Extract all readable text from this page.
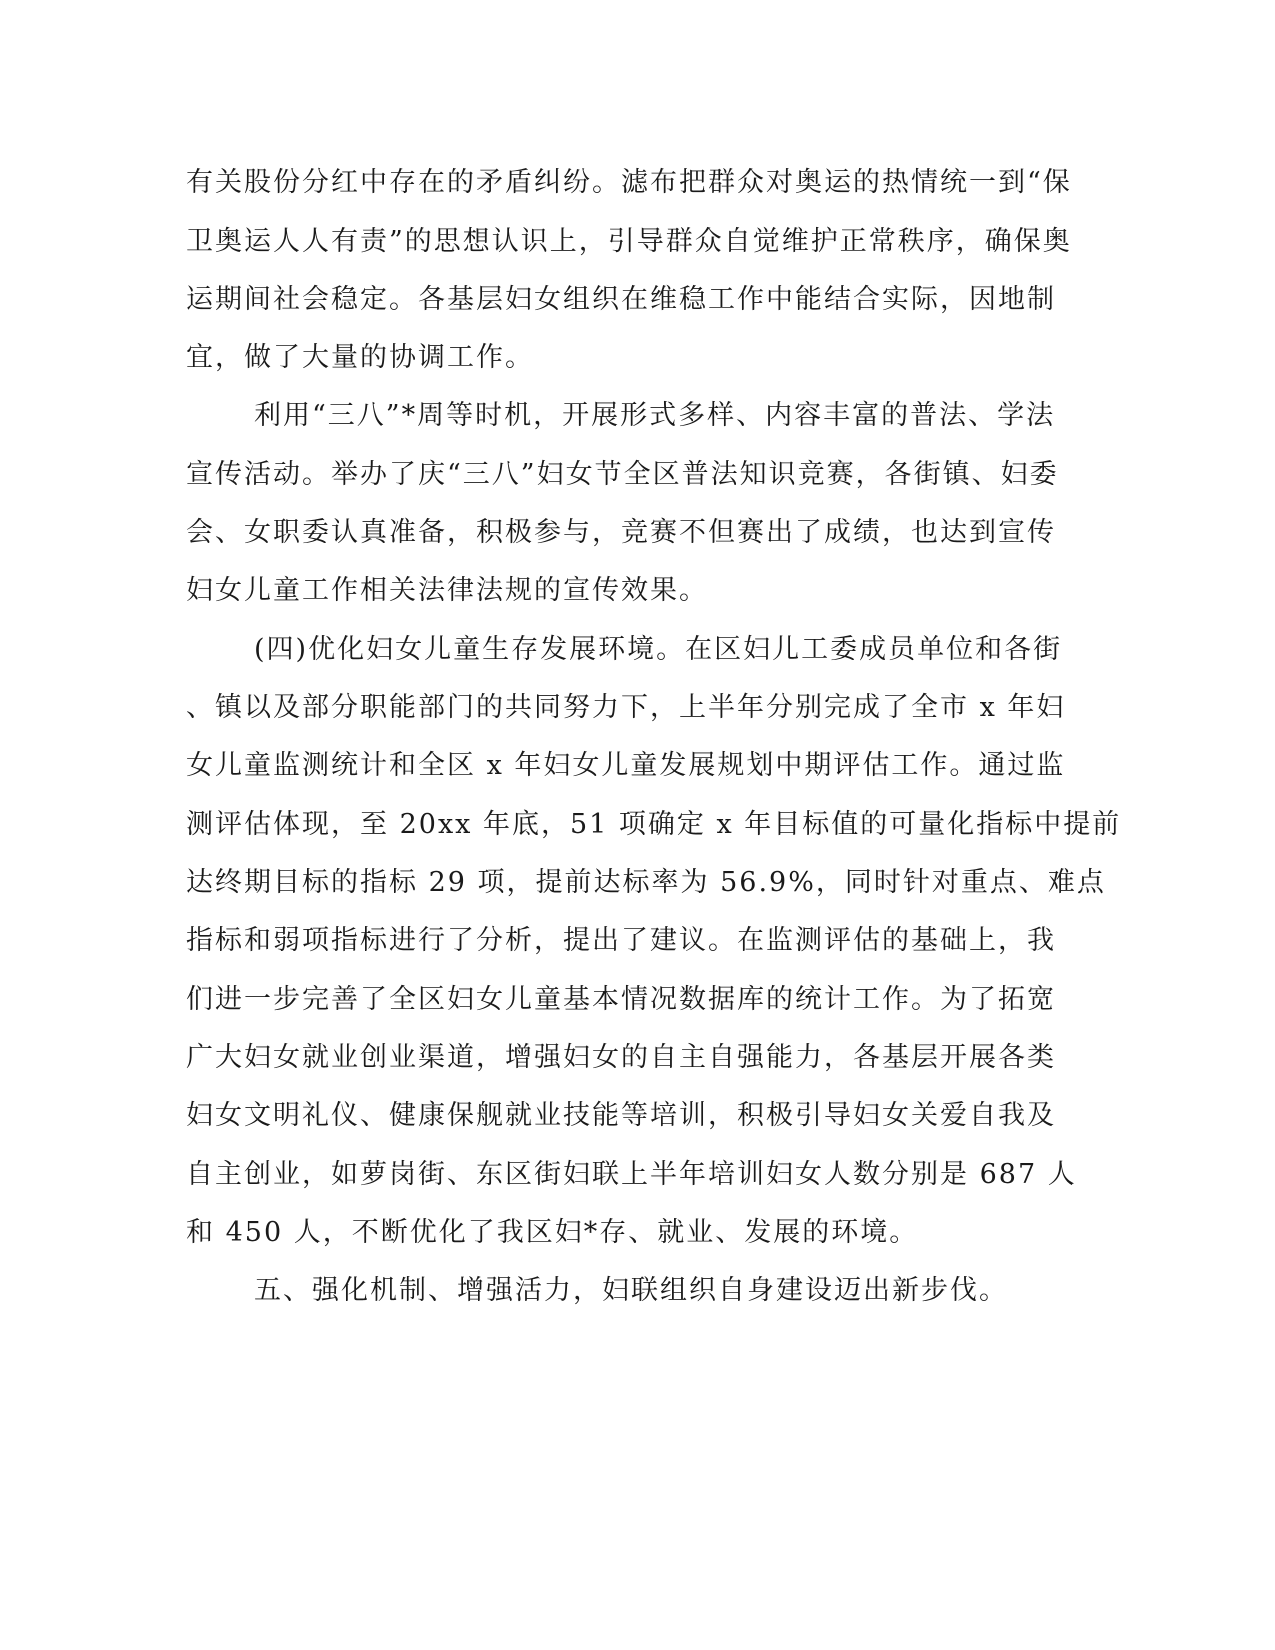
有关股份分红中存在的矛盾纠纷。滤布把群众对奥运的热情统一到“保
卫奥运人人有责”的思想认识上，引导群众自觉维护正常秩序，确保奥
运期间社会稳定。各基层妇女组织在维稳工作中能结合实际，因地制
宜，做了大量的协调工作。
利用“三八”*周等时机，开展形式多样、内容丰富的普法、学法
宣传活动。举办了庆“三八”妇女节全区普法知识竞赛，各街镇、妇委
会、女职委认真准备，积极参与，竞赛不但赛出了成绩，也达到宣传
妇女儿童工作相关法律法规的宣传效果。
(四)优化妇女儿童生存发展环境。在区妇儿工委成员单位和各街
、镇以及部分职能部门的共同努力下，上半年分别完成了全市 x 年妇
女儿童监测统计和全区 x 年妇女儿童发展规划中期评估工作。通过监
测评估体现，至 20xx 年底，51 项确定 x 年目标值的可量化指标中提前
达终期目标的指标 29 项，提前达标率为 56.9%，同时针对重点、难点
指标和弱项指标进行了分析，提出了建议。在监测评估的基础上，我
们进一步完善了全区妇女儿童基本情况数据库的统计工作。为了拓宽
广大妇女就业创业渠道，增强妇女的自主自强能力，各基层开展各类
妇女文明礼仪、健康保舰就业技能等培训，积极引导妇女关爱自我及
自主创业，如萝岗街、东区街妇联上半年培训妇女人数分别是 687 人
和 450 人，不断优化了我区妇*存、就业、发展的环境。
五、强化机制、增强活力，妇联组织自身建设迈出新步伐。
